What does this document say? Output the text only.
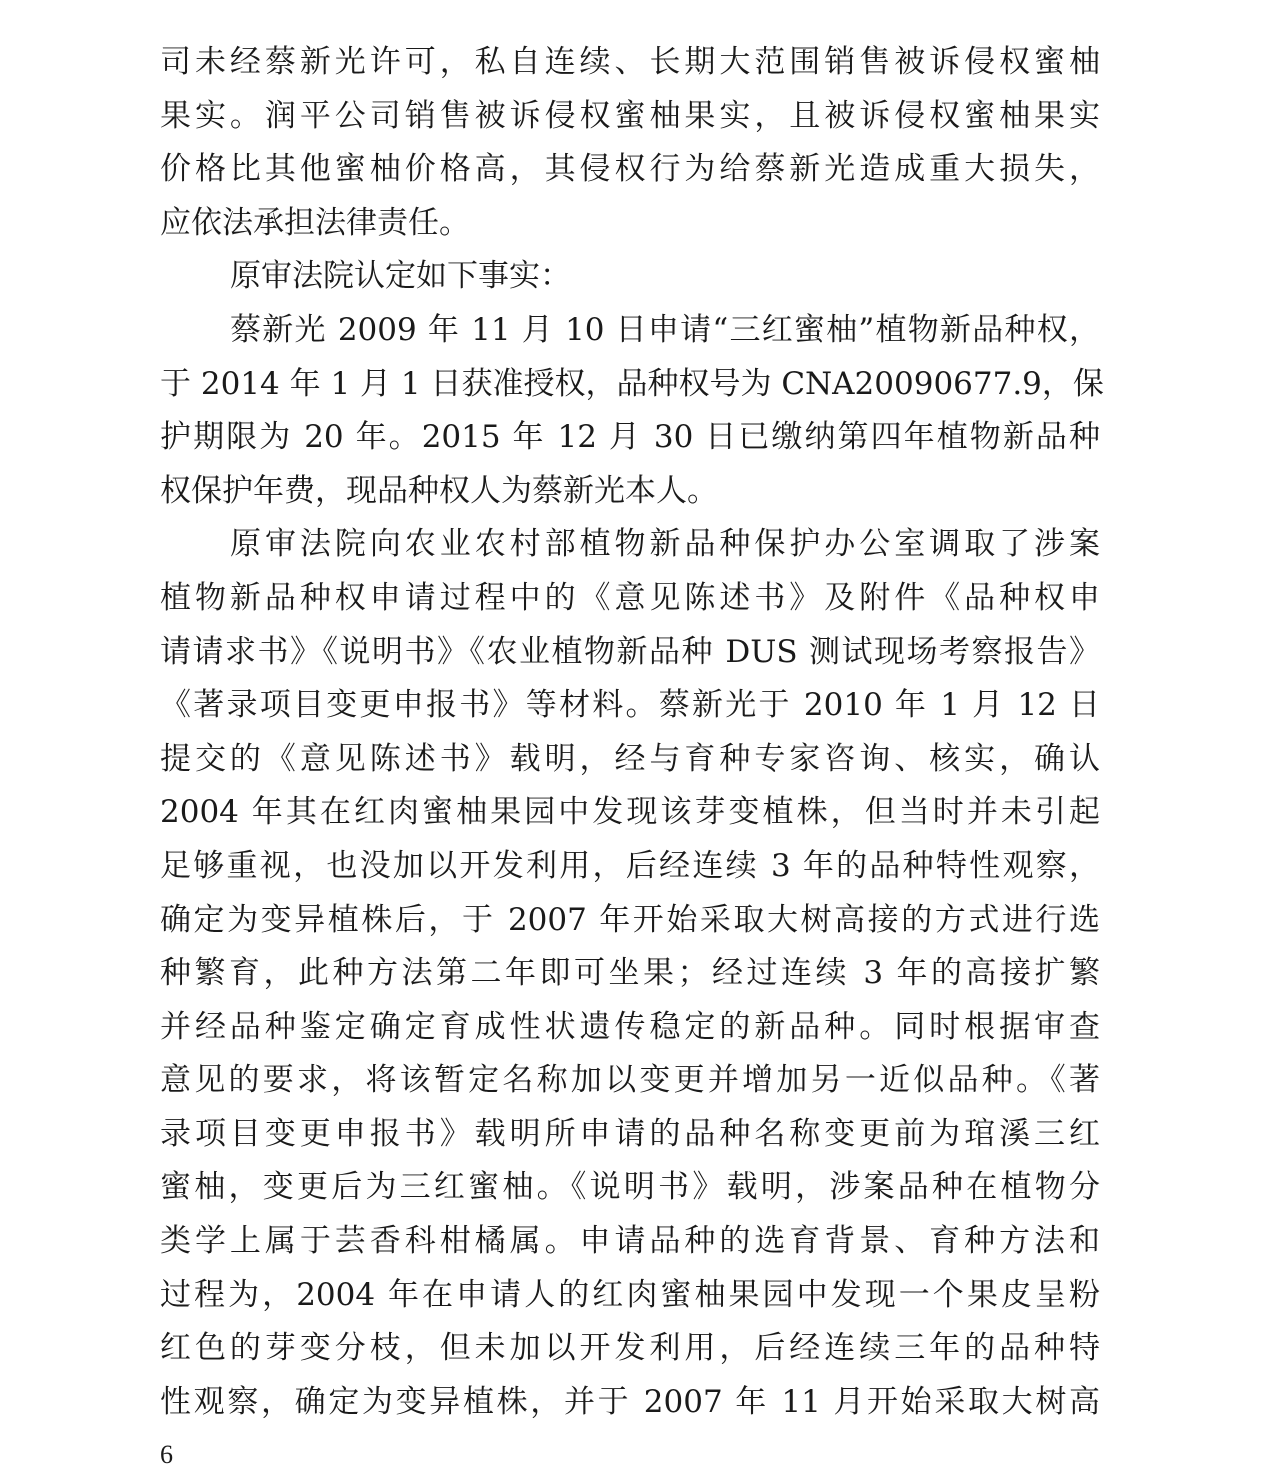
司未经蔡新光许可，私自连续、长期大范围销售被诉侵权蜜柚
果实。润平公司销售被诉侵权蜜柚果实，且被诉侵权蜜柚果实
价格比其他蜜柚价格高，其侵权行为给蔡新光造成重大损失，
应依法承担法律责任。
原审法院认定如下事实：
蔡新光 2009 年 11 月 10 日申请“三红蜜柚”植物新品种权，
于 2014 年 1 月 1 日获准授权，品种权号为 CNA20090677.9，保
护期限为 20 年。2015 年 12 月 30 日已缴纳第四年植物新品种
权保护年费，现品种权人为蔡新光本人。
原审法院向农业农村部植物新品种保护办公室调取了涉案
植物新品种权申请过程中的《意见陈述书》及附件《品种权申
请请求书》《说明书》《农业植物新品种 DUS 测试现场考察报告》
《著录项目变更申报书》等材料。蔡新光于 2010 年 1 月 12 日
提交的《意见陈述书》载明，经与育种专家咨询、核实，确认
2004 年其在红肉蜜柚果园中发现该芽变植株，但当时并未引起
足够重视，也没加以开发利用，后经连续 3 年的品种特性观察，
确定为变异植株后，于 2007 年开始采取大树高接的方式进行选
种繁育，此种方法第二年即可坐果；经过连续 3 年的高接扩繁
并经品种鉴定确定育成性状遗传稳定的新品种。同时根据审查
意见的要求，将该暂定名称加以变更并增加另一近似品种。《著
录项目变更申报书》载明所申请的品种名称变更前为琯溪三红
蜜柚，变更后为三红蜜柚。《说明书》载明，涉案品种在植物分
类学上属于芸香科柑橘属。申请品种的选育背景、育种方法和
过程为，2004 年在申请人的红肉蜜柚果园中发现一个果皮呈粉
红色的芽变分枝，但未加以开发利用，后经连续三年的品种特
性观察，确定为变异植株，并于 2007 年 11 月开始采取大树高
6
